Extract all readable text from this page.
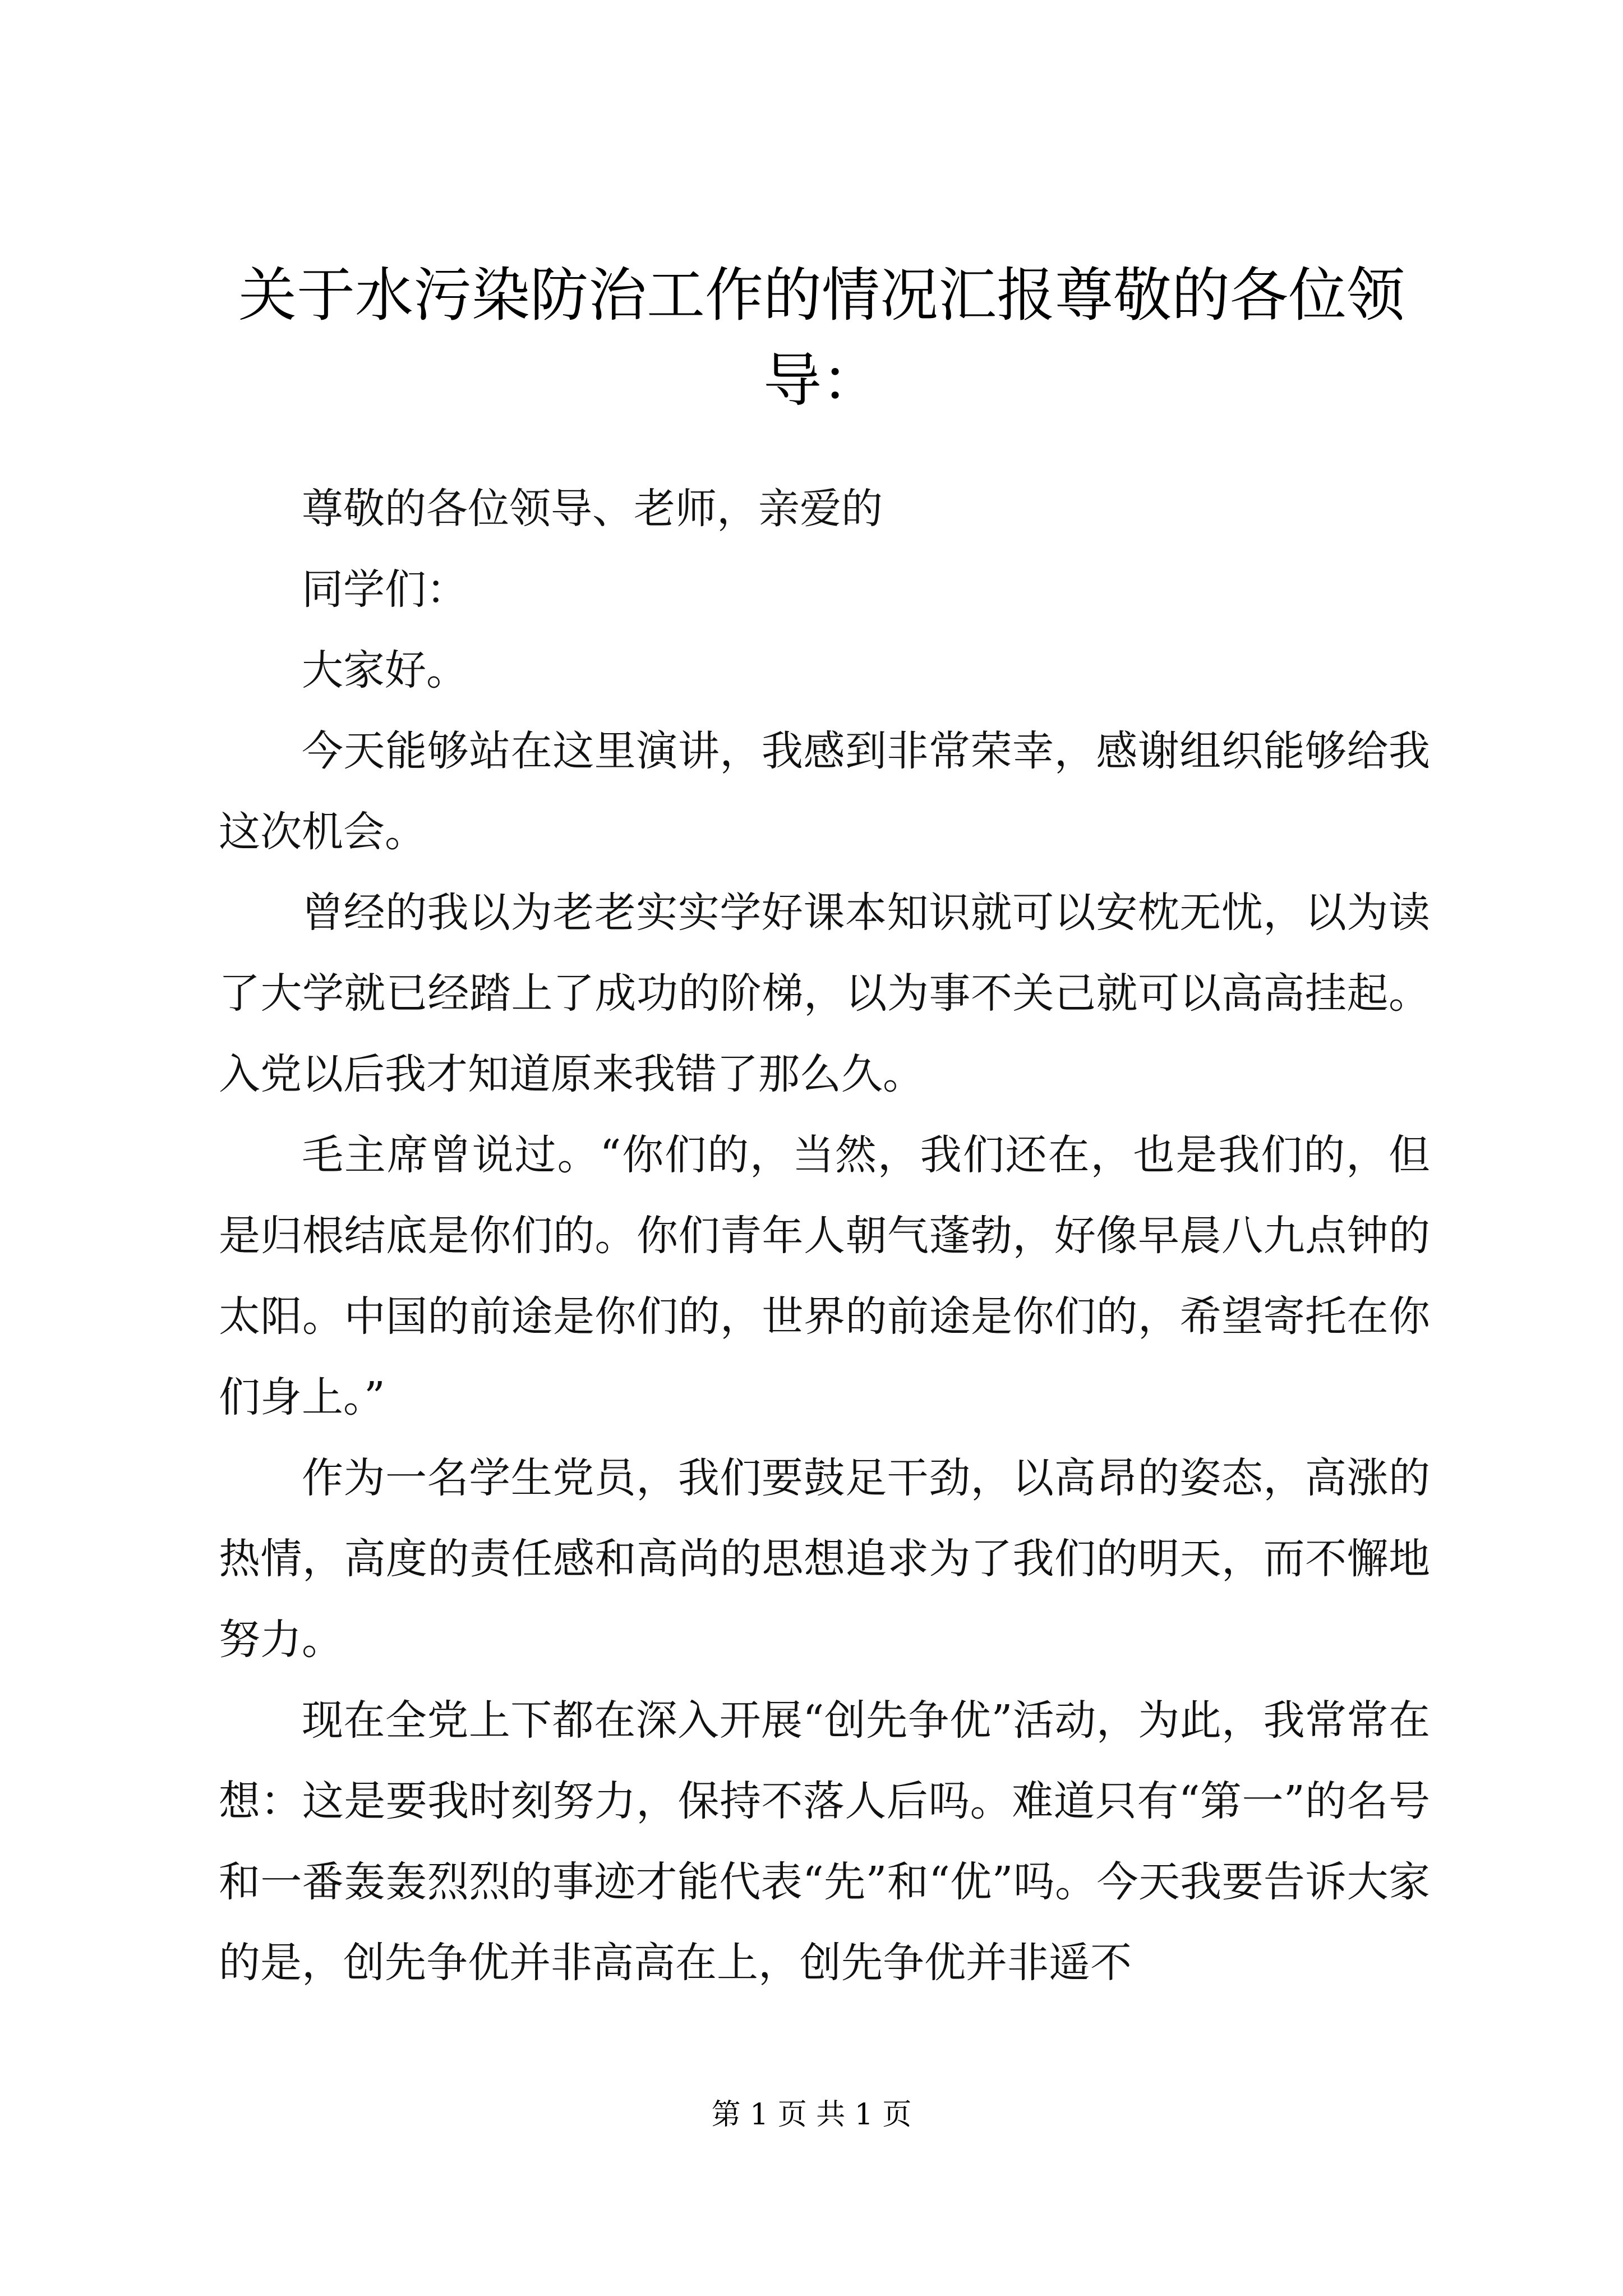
关于水污染防治工作的情况汇报尊敬的各位领导：

尊敬的各位领导、老师，亲爱的

同学们：

大家好。

今天能够站在这里演讲，我感到非常荣幸，感谢组织能够给我这次机会。

曾经的我以为老老实实学好课本知识就可以安枕无忧，以为读了大学就已经踏上了成功的阶梯，以为事不关己就可以高高挂起。入党以后我才知道原来我错了那么久。

毛主席曾说过。“你们的，当然，我们还在，也是我们的，但是归根结底是你们的。你们青年人朝气蓬勃，好像早晨八九点钟的太阳。中国的前途是你们的，世界的前途是你们的，希望寄托在你们身上。”

作为一名学生党员，我们要鼓足干劲，以高昂的姿态，高涨的热情，高度的责任感和高尚的思想追求为了我们的明天，而不懈地努力。

现在全党上下都在深入开展“创先争优”活动，为此，我常常在想：这是要我时刻努力，保持不落人后吗。难道只有“第一”的名号和一番轰轰烈烈的事迹才能代表“先”和“优”吗。今天我要告诉大家的是，创先争优并非高高在上，创先争优并非遥不

第 1 页 共 1 页
